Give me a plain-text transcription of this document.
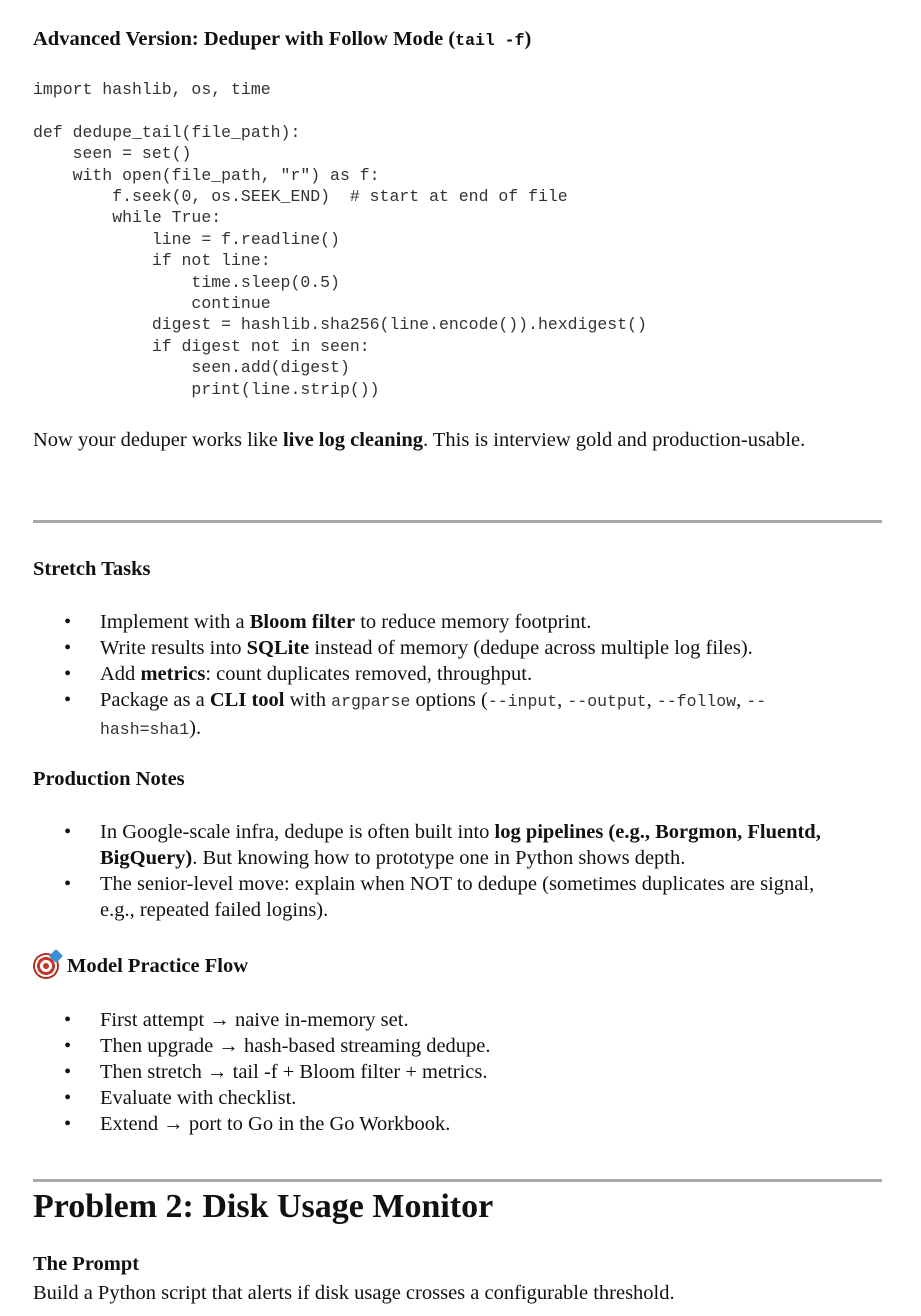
Advanced Version: Deduper with Follow Mode (tail -f)
import hashlib, os, time

def dedupe_tail(file_path):
seen = set()
with open(file_path, "r") as f:
f.seek(0, os.SEEK_END)  # start at end of file
while True:
line = f.readline()
if not line:
time.sleep(0.5)
continue
digest = hashlib.sha256(line.encode()).hexdigest()
if digest not in seen:
seen.add(digest)
print(line.strip())

Now your deduper works like live log cleaning. This is interview gold and production-usable.

Stretch Tasks
• Implement with a Bloom filter to reduce memory footprint.
• Write results into SQLite instead of memory (dedupe across multiple log files).
• Add metrics: count duplicates removed, throughput.
• Package as a CLI tool with argparse options (--input, --output, --follow, --hash=sha1).
Production Notes
• In Google-scale infra, dedupe is often built into log pipelines (e.g., Borgmon, Fluentd, BigQuery). But knowing how to prototype one in Python shows depth.
• The senior-level move: explain when NOT to dedupe (sometimes duplicates are signal, e.g., repeated failed logins).
Model Practice Flow
• First attempt → naive in-memory set.
• Then upgrade → hash-based streaming dedupe.
• Then stretch → tail -f + Bloom filter + metrics.
• Evaluate with checklist.
• Extend → port to Go in the Go Workbook.
Problem 2: Disk Usage Monitor
The Prompt

Build a Python script that alerts if disk usage crosses a configurable threshold.
